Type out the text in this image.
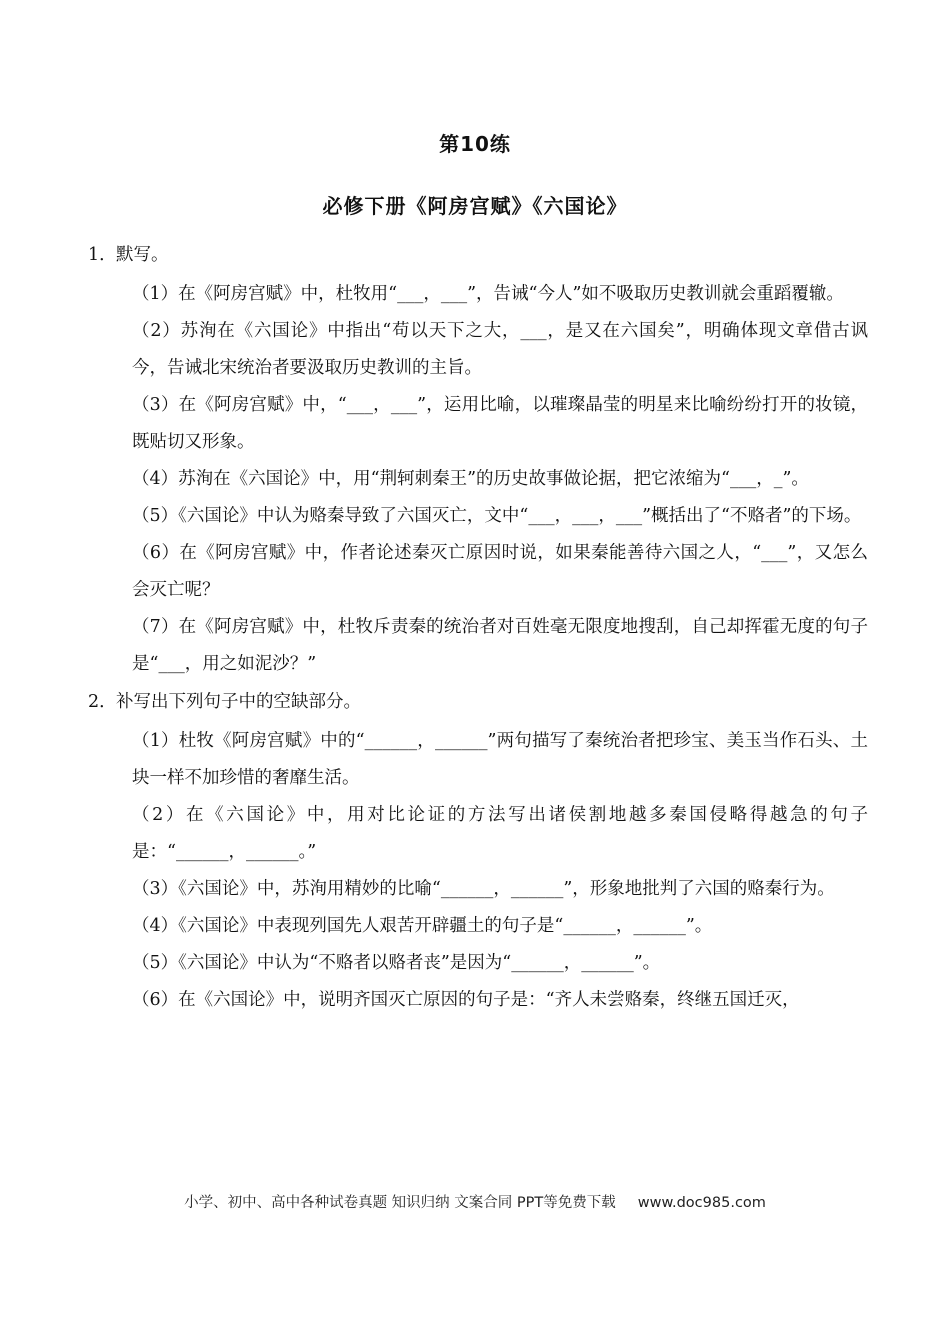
第10练
必修下册《阿房宫赋》《六国论》
1．默写。
（1）在《阿房宫赋》中，杜牧用“___，___”，告诫“今人”如不吸取历史教训就会重蹈覆辙。
（2）苏洵在《六国论》中指出“苟以天下之大，___，是又在六国矣”，明确体现文章借古讽今，告诫北宋统治者要汲取历史教训的主旨。
（3）在《阿房宫赋》中，“___，___”，运用比喻，以璀璨晶莹的明星来比喻纷纷打开的妆镜，既贴切又形象。
（4）苏洵在《六国论》中，用“荆轲刺秦王”的历史故事做论据，把它浓缩为“___，_”。
（5）《六国论》中认为赂秦导致了六国灭亡，文中“___，___，___”概括出了“不赂者”的下场。
（6）在《阿房宫赋》中，作者论述秦灭亡原因时说，如果秦能善待六国之人，“___”，又怎么会灭亡呢？
（7）在《阿房宫赋》中，杜牧斥责秦的统治者对百姓毫无限度地搜刮，自己却挥霍无度的句子是“___，用之如泥沙？”
2．补写出下列句子中的空缺部分。
（1）杜牧《阿房宫赋》中的“______，______”两句描写了秦统治者把珍宝、美玉当作石头、土块一样不加珍惜的奢靡生活。
（2）在《六国论》中，用对比论证的方法写出诸侯割地越多秦国侵略得越急的句子是：“______，______。”
（3）《六国论》中，苏洵用精妙的比喻“______，______”，形象地批判了六国的赂秦行为。
（4）《六国论》中表现列国先人艰苦开辟疆土的句子是“______，______”。
（5）《六国论》中认为“不赂者以赂者丧”是因为“______，______”。
（6）在《六国论》中，说明齐国灭亡原因的句子是：“齐人未尝赂秦，终继五国迁灭，
小学、初中、高中各种试卷真题 知识归纳 文案合同 PPT等免费下载 www.doc985.com
